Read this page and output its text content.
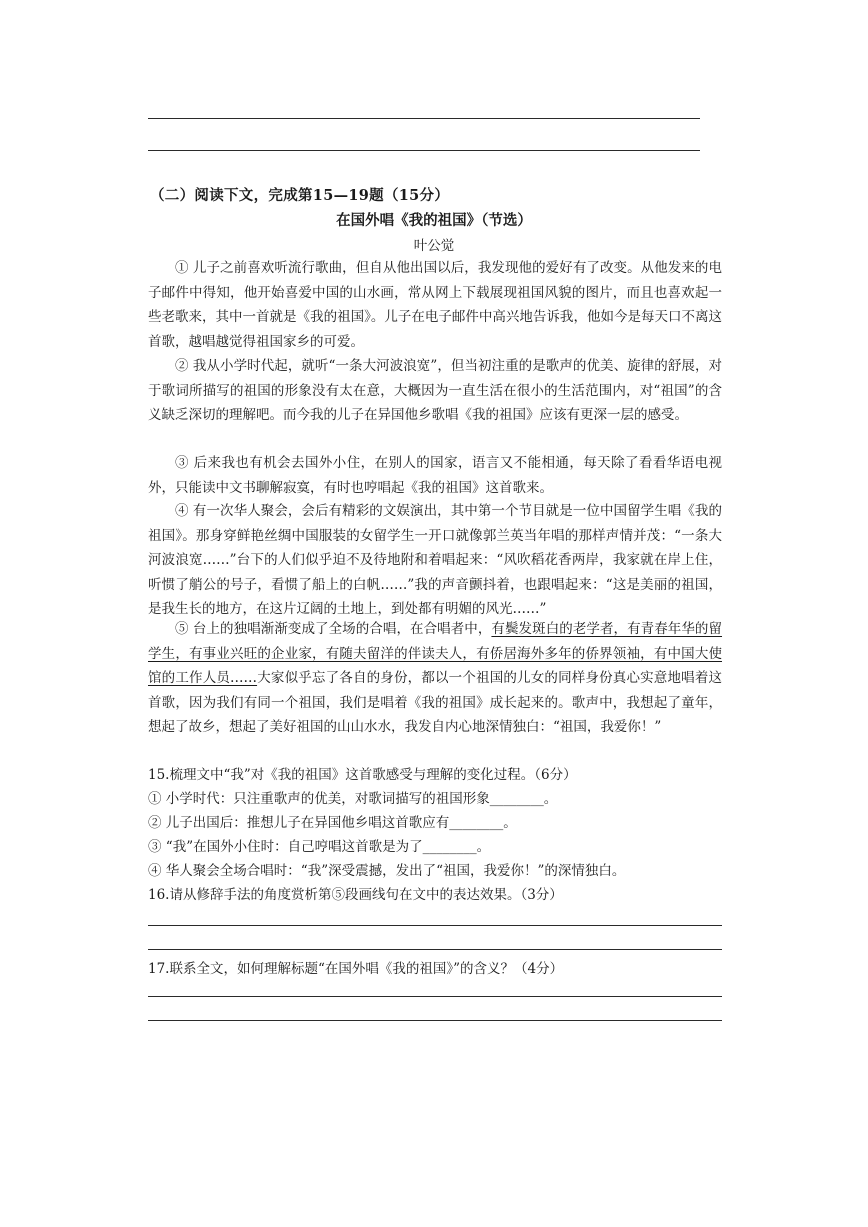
（二）阅读下文，完成第15—19题（15分）
在国外唱《我的祖国》（节选）
叶公觉

① 儿子之前喜欢听流行歌曲，但自从他出国以后，我发现他的爱好有了改变。从他发来的电子邮件中得知，他开始喜爱中国的山水画，常从网上下载展现祖国风貌的图片，而且也喜欢起一些老歌来，其中一首就是《我的祖国》。儿子在电子邮件中高兴地告诉我，他如今是每天口不离这首歌，越唱越觉得祖国家乡的可爱。

② 我从小学时代起，就听“一条大河波浪宽”，但当初注重的是歌声的优美、旋律的舒展，对于歌词所描写的祖国的形象没有太在意，大概因为一直生活在很小的生活范围内，对“祖国”的含义缺乏深切的理解吧。而今我的儿子在异国他乡歌唱《我的祖国》应该有更深一层的感受。

③ 后来我也有机会去国外小住，在别人的国家，语言又不能相通，每天除了看看华语电视外，只能读中文书聊解寂寞，有时也哼唱起《我的祖国》这首歌来。

④ 有一次华人聚会，会后有精彩的文娱演出，其中第一个节目就是一位中国留学生唱《我的祖国》。那身穿鲜艳丝绸中国服装的女留学生一开口就像郭兰英当年唱的那样声情并茂：“一条大河波浪宽……”台下的人们似乎迫不及待地附和着唱起来：“风吹稻花香两岸，我家就在岸上住，听惯了艄公的号子，看惯了船上的白帆……”我的声音颤抖着，也跟唱起来：“这是美丽的祖国，是我生长的地方，在这片辽阔的土地上，到处都有明媚的风光……”

⑤ 台上的独唱渐渐变成了全场的合唱，在合唱者中，有鬓发斑白的老学者，有青春年华的留学生，有事业兴旺的企业家，有随夫留洋的伴读夫人，有侨居海外多年的侨界领袖，有中国大使馆的工作人员……大家似乎忘了各自的身份，都以一个祖国的儿女的同样身份真心实意地唱着这首歌，因为我们有同一个祖国，我们是唱着《我的祖国》成长起来的。歌声中，我想起了童年，想起了故乡，想起了美好祖国的山山水水，我发自内心地深情独白：“祖国，我爱你！”

15.梳理文中“我”对《我的祖国》这首歌感受与理解的变化过程。（6分）

① 小学时代：只注重歌声的优美，对歌词描写的祖国形象________。

② 儿子出国后：推想儿子在异国他乡唱这首歌应有________。

③ “我”在国外小住时：自己哼唱这首歌是为了________。

④ 华人聚会全场合唱时：“我”深受震撼，发出了“祖国，我爱你！”的深情独白。

16.请从修辞手法的角度赏析第⑤段画线句在文中的表达效果。（3分）

17.联系全文，如何理解标题“在国外唱《我的祖国》”的含义？（4分）
